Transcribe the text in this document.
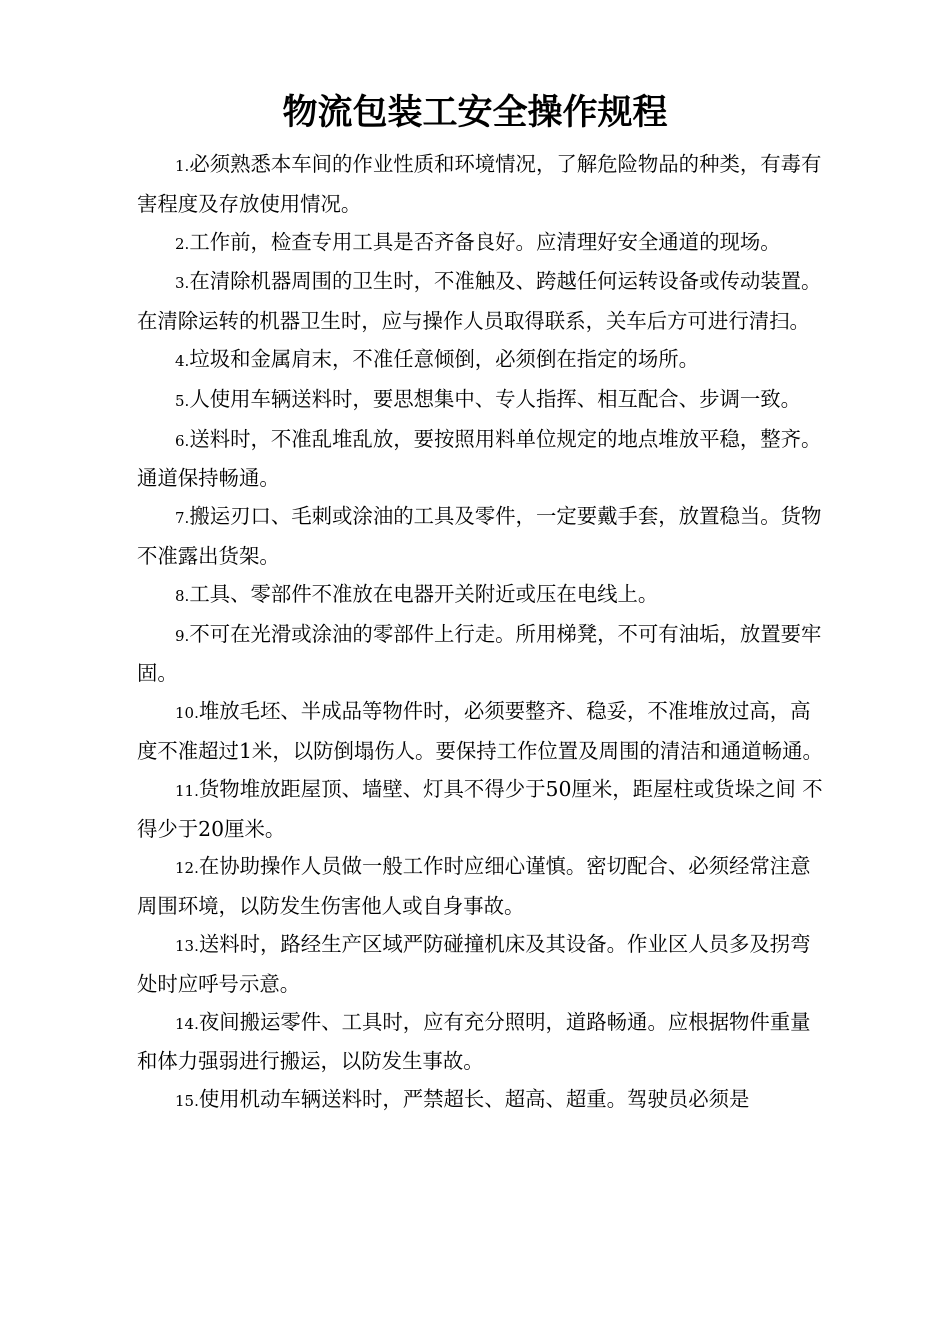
物流包装工安全操作规程

1.必须熟悉本车间的作业性质和环境情况，了解危险物品的种类，有毒有 害程度及存放使用情况。

2.工作前，检查专用工具是否齐备良好。应清理好安全通道的现场。

3.在清除机器周围的卫生时，不准触及、跨越任何运转设备或传动装置。在清除运转的机器卫生时，应与操作人员取得联系，关车后方可进行清扫。

4.垃圾和金属肩末，不准任意倾倒，必须倒在指定的场所。

5.人使用车辆送料时，要思想集中、专人指挥、相互配合、步调一致。

6.送料时，不准乱堆乱放，要按照用料单位规定的地点堆放平稳，整齐。 通道保持畅通。

7.搬运刃口、毛刺或涂油的工具及零件，一定要戴手套，放置稳当。货物 不准露出货架。

8.工具、零部件不准放在电器开关附近或压在电线上。

9.不可在光滑或涂油的零部件上行走。所用梯凳，不可有油垢，放置要牢固。

10.堆放毛坯、半成品等物件时，必须要整齐、稳妥，不准堆放过高，高度不准超过1米，以防倒塌伤人。要保持工作位置及周围的清洁和通道畅通。

11.货物堆放距屋顶、墙壁、灯具不得少于50厘米，距屋柱或货垛之间 不得少于20厘米。

12.在协助操作人员做一般工作时应细心谨慎。密切配合、必须经常注意周围环境，以防发生伤害他人或自身事故。

13.送料时，路经生产区域严防碰撞机床及其设备。作业区人员多及拐弯 处时应呼号示意。

14.夜间搬运零件、工具时，应有充分照明，道路畅通。应根据物件重量 和体力强弱进行搬运，以防发生事故。

15.使用机动车辆送料时，严禁超长、超高、超重。驾驶员必须是
